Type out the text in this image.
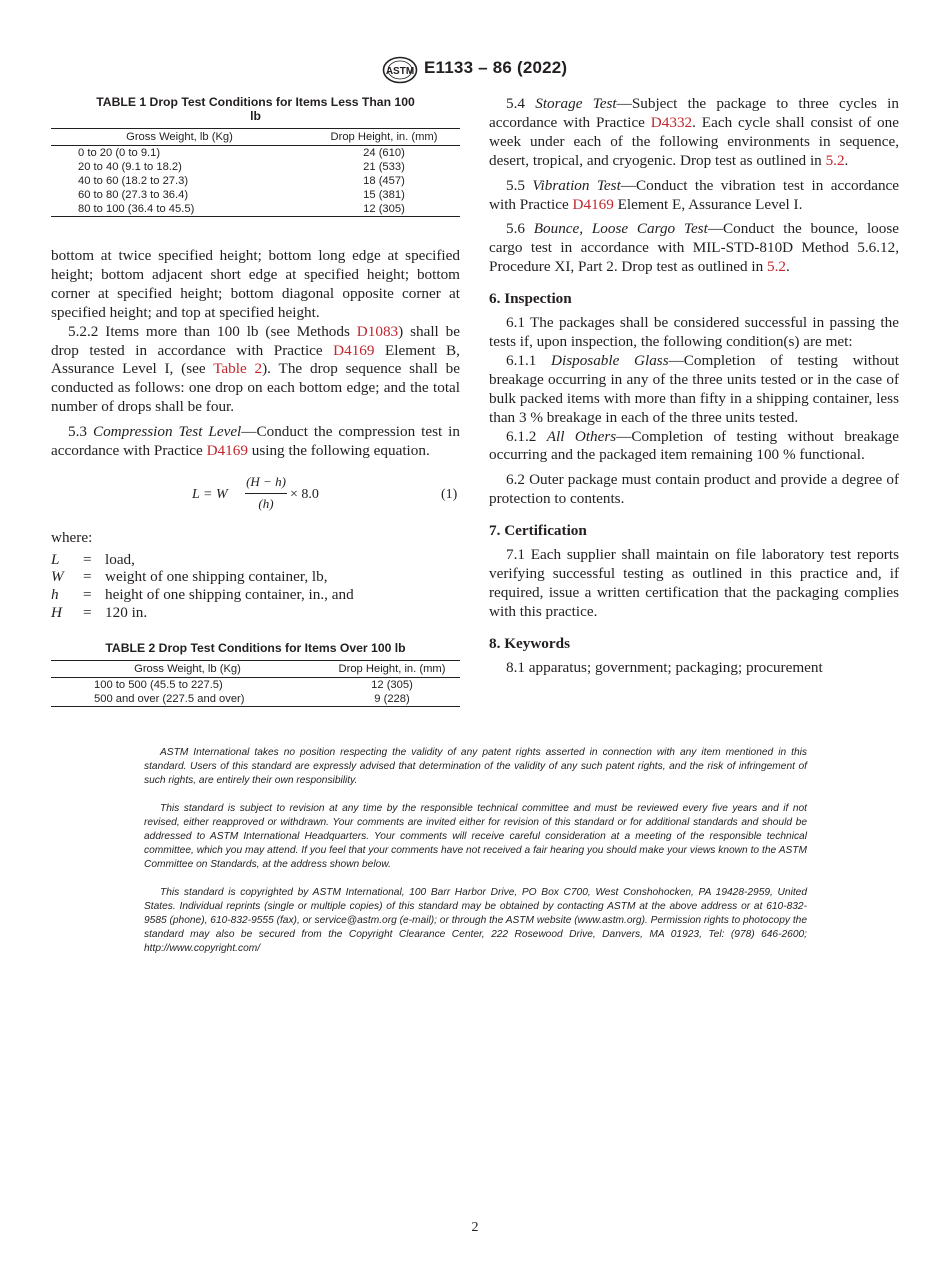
ASTM E1133 – 86 (2022)
TABLE 1 Drop Test Conditions for Items Less Than 100 lb
Gross Weight, lb (Kg)	Drop Height, in. (mm)
0 to 20 (0 to 9.1)	24 (610)
20 to 40 (9.1 to 18.2)	21 (533)
40 to 60 (18.2 to 27.3)	18 (457)
60 to 80 (27.3 to 36.4)	15 (381)
80 to 100 (36.4 to 45.5)	12 (305)

bottom at twice specified height; bottom long edge at specified height; bottom adjacent short edge at specified height; bottom corner at specified height; bottom diagonal opposite corner at specified height; and top at specified height.

5.2.2 Items more than 100 lb (see Methods D1083) shall be drop tested in accordance with Practice D4169 Element B, Assurance Level I, (see Table 2). The drop sequence shall be conducted as follows: one drop on each bottom edge; and the total number of drops shall be four.

5.3 Compression Test Level—Conduct the compression test in accordance with Practice D4169 using the following equation.

L = W $\frac{(H - h)}{(h)} \times 8.0$	(1)

where:

L	= load,
W	= weight of one shipping container, lb,
h	= height of one shipping container, in., and
H	= 120 in.
TABLE 2 Drop Test Conditions for Items Over 100 lb
Gross Weight, lb (Kg)	Drop Height, in. (mm)
100 to 500 (45.5 to 227.5)	12 (305)
500 and over (227.5 and over)	9 (228)

5.4 Storage Test—Subject the package to three cycles in accordance with Practice D4332. Each cycle shall consist of one week under each of the following environments in sequence, desert, tropical, and cryogenic. Drop test as outlined in 5.2.

5.5 Vibration Test—Conduct the vibration test in accordance with Practice D4169 Element E, Assurance Level I.

5.6 Bounce, Loose Cargo Test—Conduct the bounce, loose cargo test in accordance with MIL-STD-810D Method 5.6.12, Procedure XI, Part 2. Drop test as outlined in 5.2.

6. Inspection

6.1 The packages shall be considered successful in passing the tests if, upon inspection, the following condition(s) are met:

6.1.1 Disposable Glass—Completion of testing without breakage occurring in any of the three units tested or in the case of bulk packed items with more than fifty in a shipping container, less than 3 % breakage in each of the three units tested.

6.1.2 All Others—Completion of testing without breakage occurring and the packaged item remaining 100 % functional.

6.2 Outer package must contain product and provide a degree of protection to contents.

7. Certification

7.1 Each supplier shall maintain on file laboratory test reports verifying successful testing as outlined in this practice and, if required, issue a written certification that the packaging complies with this practice.

8. Keywords

8.1 apparatus; government; packaging; procurement

ASTM International takes no position respecting the validity of any patent rights asserted in connection with any item mentioned in this standard. Users of this standard are expressly advised that determination of the validity of any such patent rights, and the risk of infringement of such rights, are entirely their own responsibility.

This standard is subject to revision at any time by the responsible technical committee and must be reviewed every five years and if not revised, either reapproved or withdrawn. Your comments are invited either for revision of this standard or for additional standards and should be addressed to ASTM International Headquarters. Your comments will receive careful consideration at a meeting of the responsible technical committee, which you may attend. If you feel that your comments have not received a fair hearing you should make your views known to the ASTM Committee on Standards, at the address shown below.

This standard is copyrighted by ASTM International, 100 Barr Harbor Drive, PO Box C700, West Conshohocken, PA 19428-2959, United States. Individual reprints (single or multiple copies) of this standard may be obtained by contacting ASTM at the above address or at 610-832-9585 (phone), 610-832-9555 (fax), or service@astm.org (e-mail); or through the ASTM website (www.astm.org). Permission rights to photocopy the standard may also be secured from the Copyright Clearance Center, 222 Rosewood Drive, Danvers, MA 01923, Tel: (978) 646-2600; http://www.copyright.com/

2
